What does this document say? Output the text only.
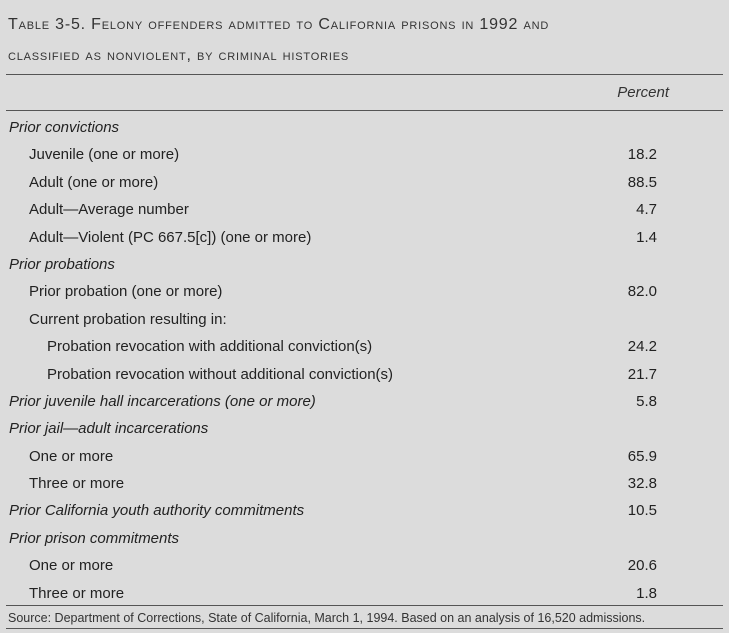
Table 3-5. Felony offenders admitted to California prisons in 1992 and
classified as nonviolent, by criminal histories
Percent
Prior convictions
Juvenile (one or more)	18.2
Adult (one or more)	88.5
Adult—Average number	4.7
Adult—Violent (PC 667.5[c]) (one or more)	1.4
Prior probations
Prior probation (one or more)	82.0
Current probation resulting in:
Probation revocation with additional conviction(s)	24.2
Probation revocation without additional conviction(s)	21.7
Prior juvenile hall incarcerations (one or more)	5.8
Prior jail—adult incarcerations
One or more	65.9
Three or more	32.8
Prior California youth authority commitments	10.5
Prior prison commitments
One or more	20.6
Three or more	1.8
Source: Department of Corrections, State of California, March 1, 1994. Based on an analysis of 16,520 admissions.
